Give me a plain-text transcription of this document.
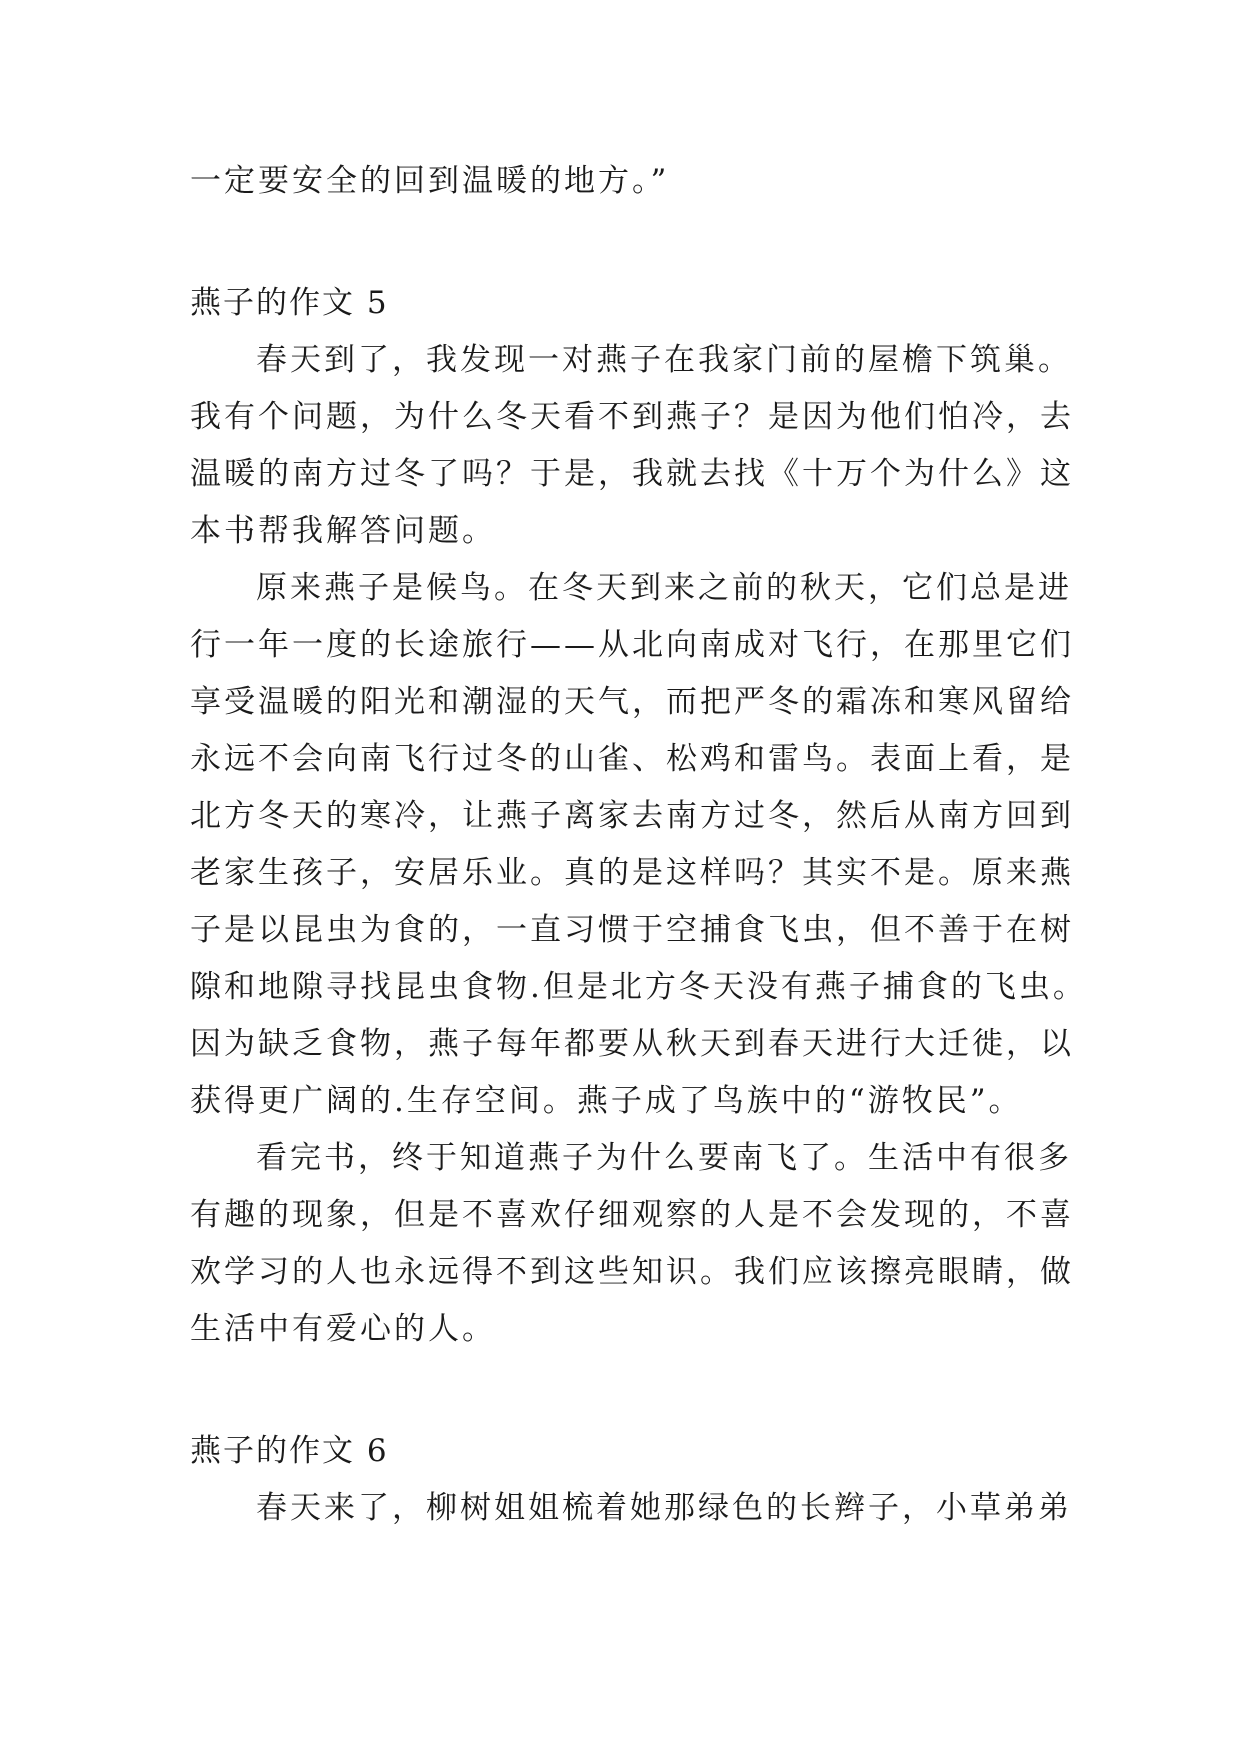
一定要安全的回到温暖的地方。”
燕子的作文 5
春天到了，我发现一对燕子在我家门前的屋檐下筑巢。
我有个问题，为什么冬天看不到燕子？是因为他们怕冷，去
温暖的南方过冬了吗？于是，我就去找《十万个为什么》这
本书帮我解答问题。
原来燕子是候鸟。在冬天到来之前的秋天，它们总是进
行一年一度的长途旅行——从北向南成对飞行，在那里它们
享受温暖的阳光和潮湿的天气，而把严冬的霜冻和寒风留给
永远不会向南飞行过冬的山雀、松鸡和雷鸟。表面上看，是
北方冬天的寒冷，让燕子离家去南方过冬，然后从南方回到
老家生孩子，安居乐业。真的是这样吗？其实不是。原来燕
子是以昆虫为食的，一直习惯于空捕食飞虫，但不善于在树
隙和地隙寻找昆虫食物.但是北方冬天没有燕子捕食的飞虫。
因为缺乏食物，燕子每年都要从秋天到春天进行大迁徙，以
获得更广阔的.生存空间。燕子成了鸟族中的“游牧民”。
看完书，终于知道燕子为什么要南飞了。生活中有很多
有趣的现象，但是不喜欢仔细观察的人是不会发现的，不喜
欢学习的人也永远得不到这些知识。我们应该擦亮眼睛，做
生活中有爱心的人。
燕子的作文 6
春天来了，柳树姐姐梳着她那绿色的长辫子，小草弟弟
